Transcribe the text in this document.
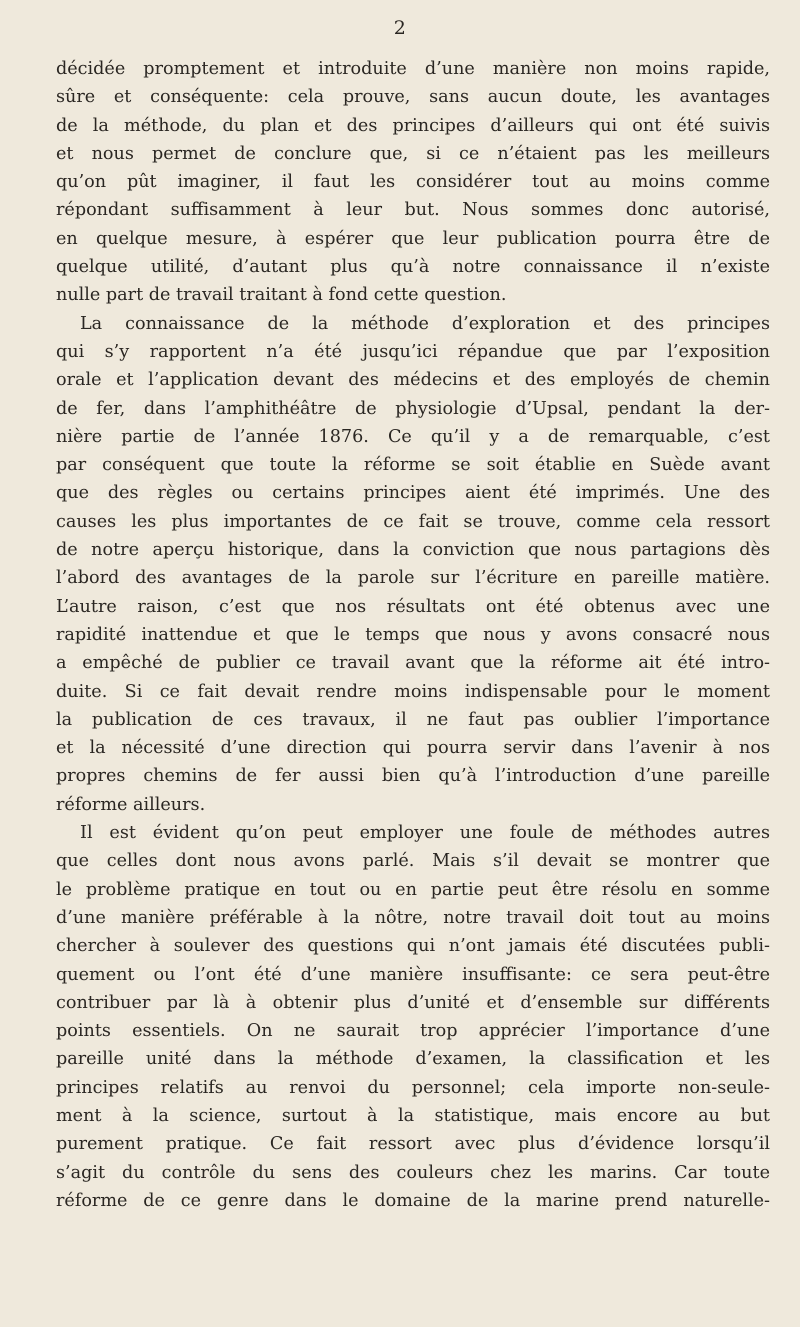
2
décidée promptement et introduite d’une manière non moins rapide,
sûre et conséquente: cela prouve, sans aucun doute, les avantages
de la méthode, du plan et des principes d’ailleurs qui ont été suivis
et nous permet de conclure que, si ce n’étaient pas les meilleurs
qu’on pût imaginer, il faut les considérer tout au moins comme
répondant suffisamment à leur but. Nous sommes donc autorisé,
en quelque mesure, à espérer que leur publication pourra être de
quelque utilité, d’autant plus qu’à notre connaissance il n’existe
nulle part de travail traitant à fond cette question.
La connaissance de la méthode d’exploration et des principes
qui s’y rapportent n’a été jusqu’ici répandue que par l’exposition
orale et l’application devant des médecins et des employés de chemin
de fer, dans l’amphithéâtre de physiologie d’Upsal, pendant la der-
nière partie de l’année 1876. Ce qu’il y a de remarquable, c’est
par conséquent que toute la réforme se soit établie en Suède avant
que des règles ou certains principes aient été imprimés. Une des
causes les plus importantes de ce fait se trouve, comme cela ressort
de notre aperçu historique, dans la conviction que nous partagions dès
l’abord des avantages de la parole sur l’écriture en pareille matière.
L’autre raison, c’est que nos résultats ont été obtenus avec une
rapidité inattendue et que le temps que nous y avons consacré nous
a empêché de publier ce travail avant que la réforme ait été intro-
duite. Si ce fait devait rendre moins indispensable pour le moment
la publication de ces travaux, il ne faut pas oublier l’importance
et la nécessité d’une direction qui pourra servir dans l’avenir à nos
propres chemins de fer aussi bien qu’à l’introduction d’une pareille
réforme ailleurs.
Il est évident qu’on peut employer une foule de méthodes autres
que celles dont nous avons parlé. Mais s’il devait se montrer que
le problème pratique en tout ou en partie peut être résolu en somme
d’une manière préférable à la nôtre, notre travail doit tout au moins
chercher à soulever des questions qui n’ont jamais été discutées publi-
quement ou l’ont été d’une manière insuffisante: ce sera peut-être
contribuer par là à obtenir plus d’unité et d’ensemble sur différents
points essentiels. On ne saurait trop apprécier l’importance d’une
pareille unité dans la méthode d’examen, la classification et les
principes relatifs au renvoi du personnel; cela importe non-seule-
ment à la science, surtout à la statistique, mais encore au but
purement pratique. Ce fait ressort avec plus d’évidence lorsqu’il
s’agit du contrôle du sens des couleurs chez les marins. Car toute
réforme de ce genre dans le domaine de la marine prend naturelle-
